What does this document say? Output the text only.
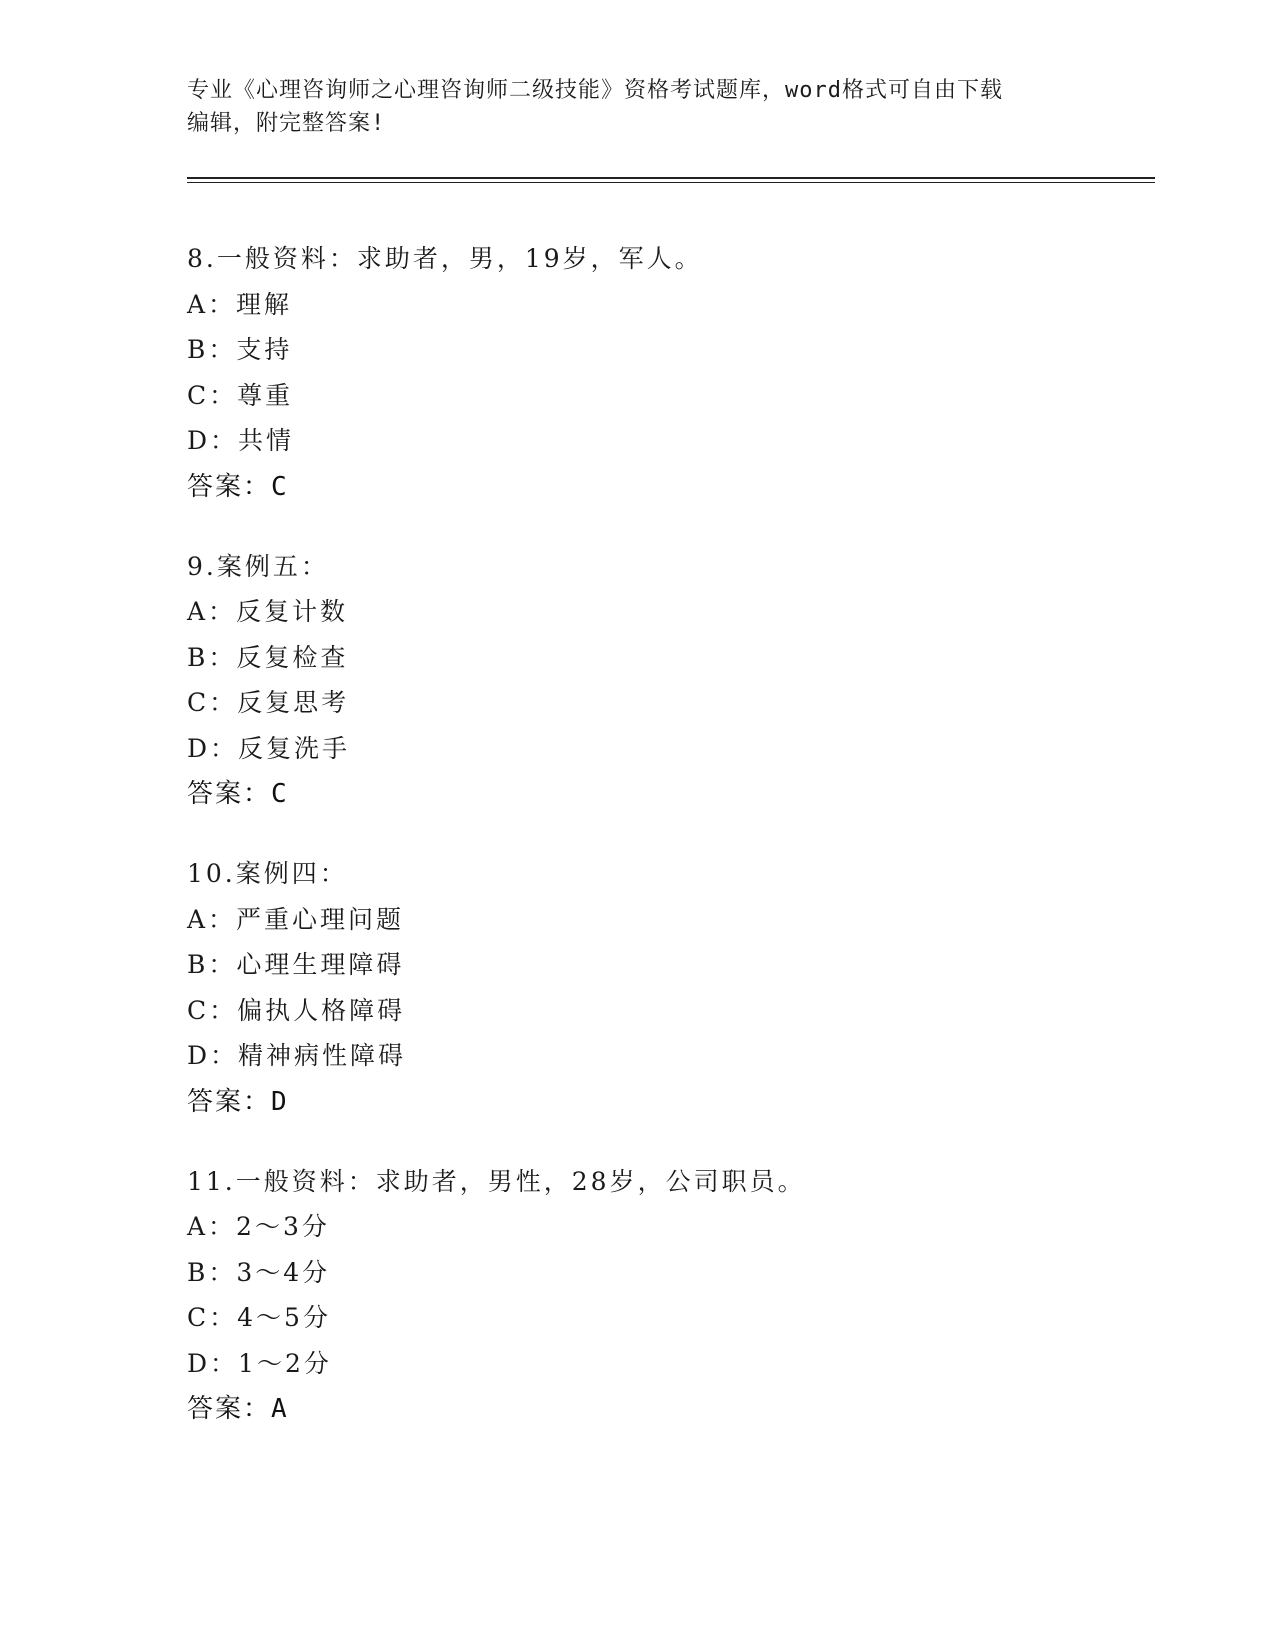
专业《心理咨询师之心理咨询师二级技能》资格考试题库，word格式可自由下载
编辑，附完整答案!
8.一般资料：求助者，男，19岁，军人。
A：理解
B：支持
C：尊重
D：共情
答案：C
9.案例五：
A：反复计数
B：反复检查
C：反复思考
D：反复洗手
答案：C
10.案例四：
A：严重心理问题
B：心理生理障碍
C：偏执人格障碍
D：精神病性障碍
答案：D
11.一般资料：求助者，男性，28岁，公司职员。
A：2～3分
B：3～4分
C：4～5分
D：1～2分
答案：A
